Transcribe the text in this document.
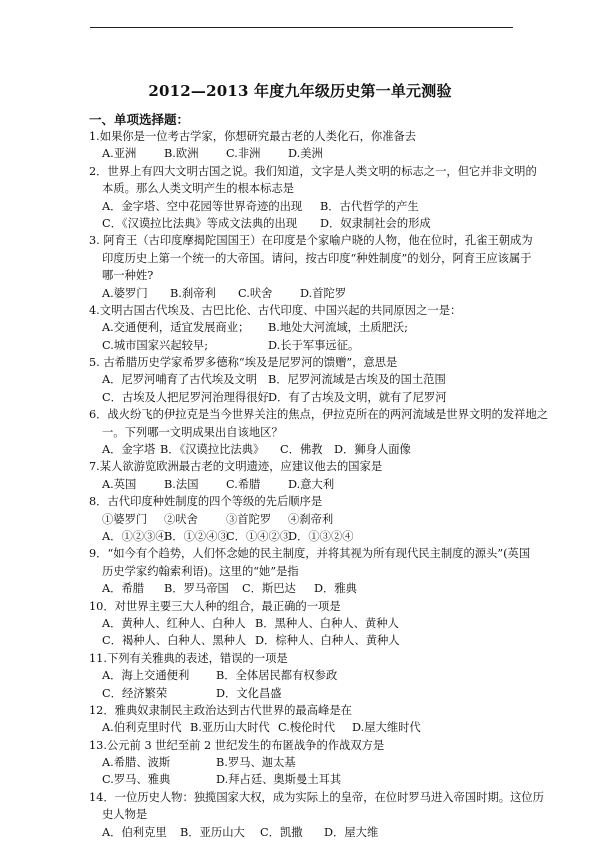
2012—2013 年度九年级历史第一单元测验
一、单项选择题：
1.如果你是一位考古学家，你想研究最古老的人类化石，你准备去
A.亚洲	B.欧洲	C.非洲	D.美洲
2．世界上有四大文明古国之说。我们知道，文字是人类文明的标志之一，但它并非文明的
本质。那么人类文明产生的根本标志是
A．金字塔、空中花园等世界奇迹的出现	B．古代哲学的产生
C．《汉谟拉比法典》等成文法典的出现	D．奴隶制社会的形成
3. 阿育王（古印度摩揭陀国国王）在印度是个家喻户晓的人物，他在位时，孔雀王朝成为
印度历史上第一个统一的大帝国。请问，按古印度“种姓制度”的划分，阿育王应该属于
哪一种姓?
A.婆罗门	B.刹帝利	C.吠舍	D.首陀罗
4.文明古国古代埃及、古巴比伦、古代印度、中国兴起的共同原因之一是：
A.交通便利，适宜发展商业；	B.地处大河流域，土质肥沃;
C.城市国家兴起较早;	D.长于军事远征。
5. 古希腊历史学家希罗多德称“埃及是尼罗河的馈赠”，意思是
A．尼罗河哺育了古代埃及文明 B．尼罗河流域是古埃及的国土范围
C．古埃及人把尼罗河治理得很好 D．有了古埃及文明，就有了尼罗河
6．战火纷飞的伊拉克是当今世界关注的焦点，伊拉克所在的两河流域是世界文明的发祥地之
一。下列哪一文明成果出自该地区？
A．金字塔 B．《汉谟拉比法典》	C．佛教	D．狮身人面像
7.某人欲游览欧洲最古老的文明遗迹，应建议他去的国家是
A.英国	B.法国	C.希腊	D.意大利
8．古代印度种姓制度的四个等级的先后顺序是
①婆罗门	②吠舍	③首陀罗	④刹帝利
A．①②③④
B．①②④③
C．①④②③
D．①③②④
9．“如今有个趋势，人们怀念她的民主制度，并将其视为所有现代民主制度的源头”(英国
历史学家约翰索利语)。这里的“她”是指
A．希腊	B．罗马帝国	C．斯巴达	D．雅典
10．对世界主要三大人种的组合，最正确的一项是
A．黄种人、红种人、白种人 B．黑种人、白种人、黄种人
C．褐种人、白种人、黑种人 D．棕种人、白种人、黄种人
11.下列有关雅典的表述，错误的一项是
A．海上交通便利	B．全体居民都有权参政
C．经济繁荣	D．文化昌盛
12．雅典奴隶制民主政治达到古代世界的最高峰是在
A.伯利克里时代 B.亚历山大时代 C.梭伦时代	D.屋大维时代
13.公元前 3 世纪至前 2 世纪发生的布匿战争的作战双方是
A.希腊、波斯	B.罗马、迦太基
C.罗马、雅典	D.拜占廷、奥斯曼土耳其
14．一位历史人物：独揽国家大权，成为实际上的皇帝，在位时罗马进入帝国时期。这位历
史人物是
A．伯利克里	B．亚历山大	C．凯撒	D．屋大维
